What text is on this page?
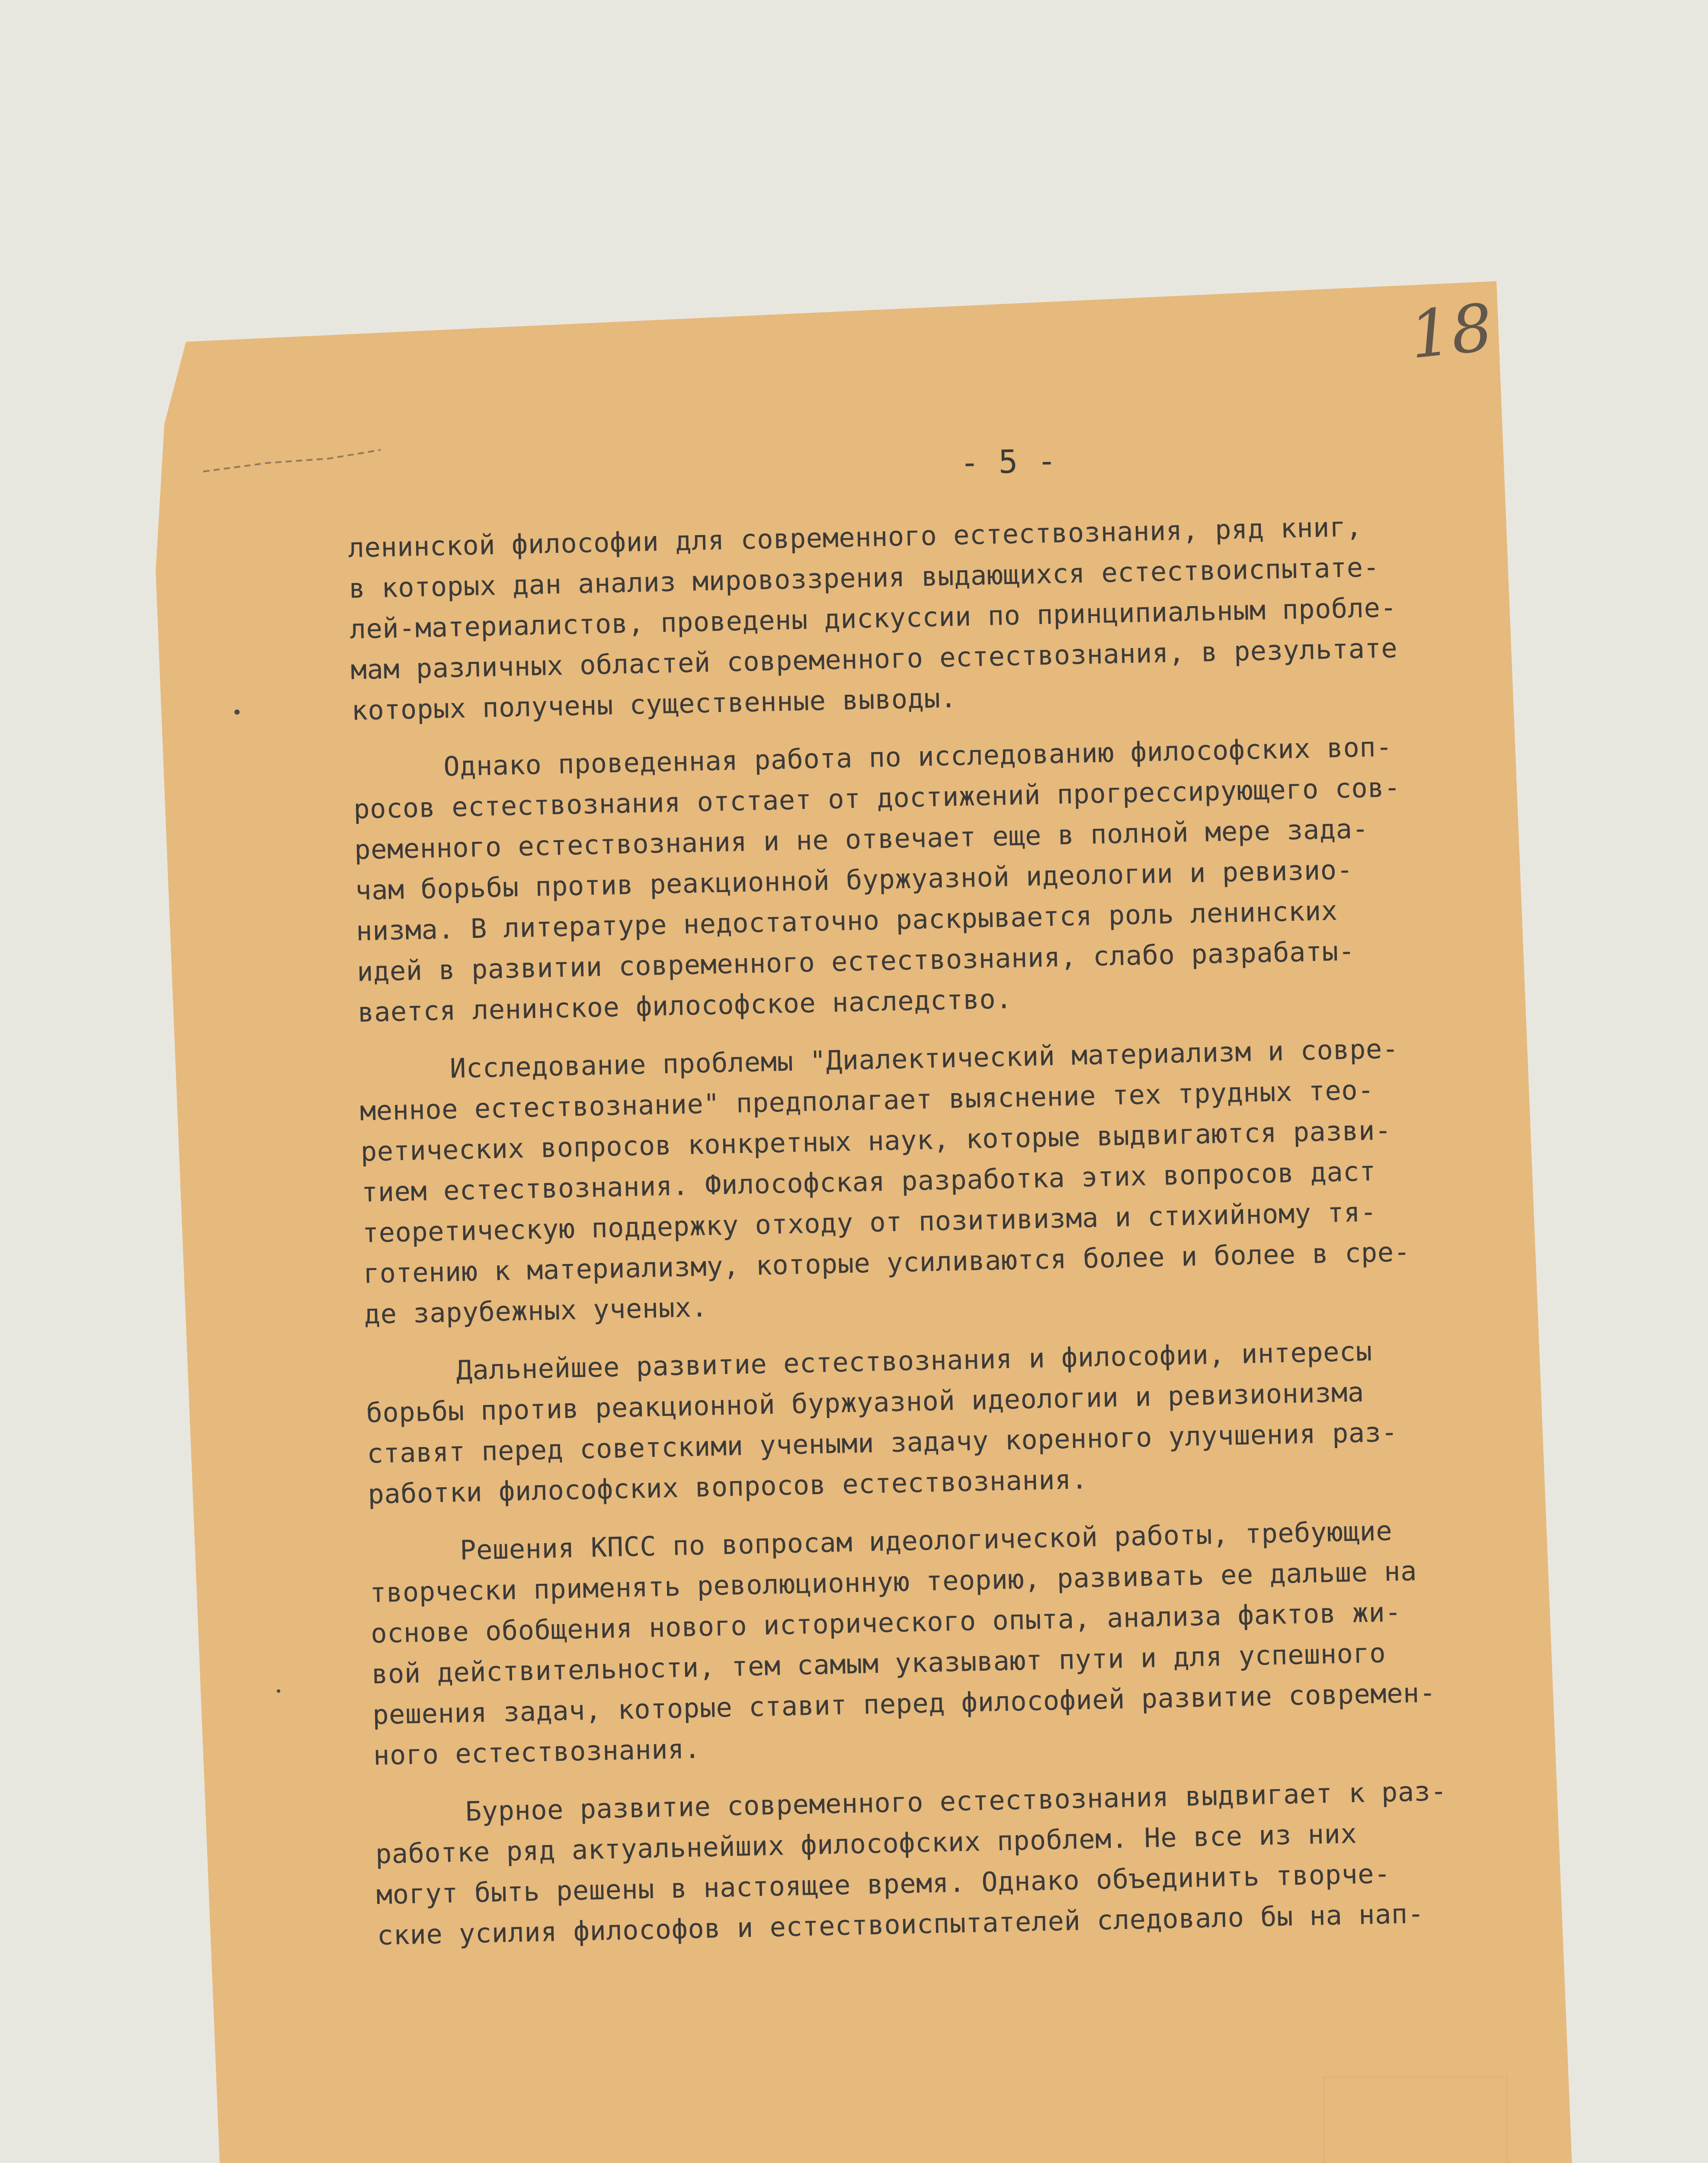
18
- 5 -
ленинской философии для современного естествознания, ряд книг,
в которых дан анализ мировоззрения выдающихся естествоиспытате-
лей-материалистов, проведены дискуссии по принципиальным пробле-
мам различных областей современного естествознания, в результате
которых получены существенные выводы.
Однако проведенная работа по исследованию философских воп-
росов естествознания отстает от достижений прогрессирующего сов-
ременного естествознания и не отвечает еще в полной мере зада-
чам борьбы против реакционной буржуазной идеологии и ревизио-
низма. В литературе недостаточно раскрывается роль ленинских
идей в развитии современного естествознания, слабо разрабаты-
вается ленинское философское наследство.
Исследование проблемы "Диалектический материализм и совре-
менное естествознание" предполагает выяснение тех трудных тео-
ретических вопросов конкретных наук, которые выдвигаются разви-
тием естествознания. Философская разработка этих вопросов даст
теоретическую поддержку отходу от позитивизма и стихийному тя-
готению к материализму, которые усиливаются более и более в сре-
де зарубежных ученых.
Дальнейшее развитие естествознания и философии, интересы
борьбы против реакционной буржуазной идеологии и ревизионизма
ставят перед советскими учеными задачу коренного улучшения раз-
работки философских вопросов естествознания.
Решения КПСС по вопросам идеологической работы, требующие
творчески применять революционную теорию, развивать ее дальше на
основе обобщения нового исторического опыта, анализа фактов жи-
вой действительности, тем самым указывают пути и для успешного
решения задач, которые ставит перед философией развитие современ-
ного естествознания.
Бурное развитие современного естествознания выдвигает к раз-
работке ряд актуальнейших философских проблем. Не все из них
могут быть решены в настоящее время. Однако объединить творче-
ские усилия философов и естествоиспытателей следовало бы на нап-
